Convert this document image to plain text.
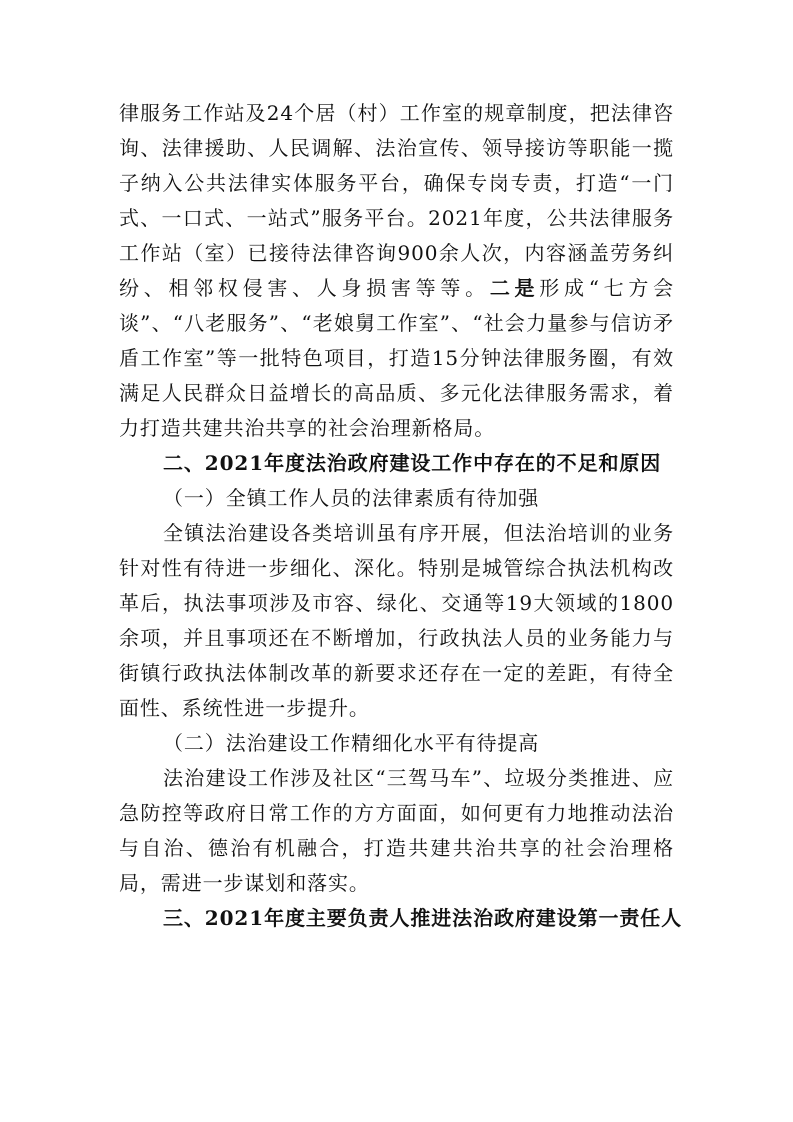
律服务工作站及24个居（村）工作室的规章制度，把法律咨询、法律援助、人民调解、法治宣传、领导接访等职能一揽子纳入公共法律实体服务平台，确保专岗专责，打造“一门式、一口式、一站式”服务平台。2021年度，公共法律服务工作站（室）已接待法律咨询900余人次，内容涵盖劳务纠纷、相邻权侵害、人身损害等等。二是形成“七方会谈”、“八老服务”、“老娘舅工作室”、“社会力量参与信访矛盾工作室”等一批特色项目，打造15分钟法律服务圈，有效满足人民群众日益增长的高品质、多元化法律服务需求，着力打造共建共治共享的社会治理新格局。

二、2021年度法治政府建设工作中存在的不足和原因

（一）全镇工作人员的法律素质有待加强

全镇法治建设各类培训虽有序开展，但法治培训的业务针对性有待进一步细化、深化。特别是城管综合执法机构改革后，执法事项涉及市容、绿化、交通等19大领域的1800余项，并且事项还在不断增加，行政执法人员的业务能力与街镇行政执法体制改革的新要求还存在一定的差距，有待全面性、系统性进一步提升。

（二）法治建设工作精细化水平有待提高

法治建设工作涉及社区“三驾马车”、垃圾分类推进、应急防控等政府日常工作的方方面面，如何更有力地推动法治与自治、德治有机融合，打造共建共治共享的社会治理格局，需进一步谋划和落实。

三、2021年度主要负责人推进法治政府建设第一责任人
